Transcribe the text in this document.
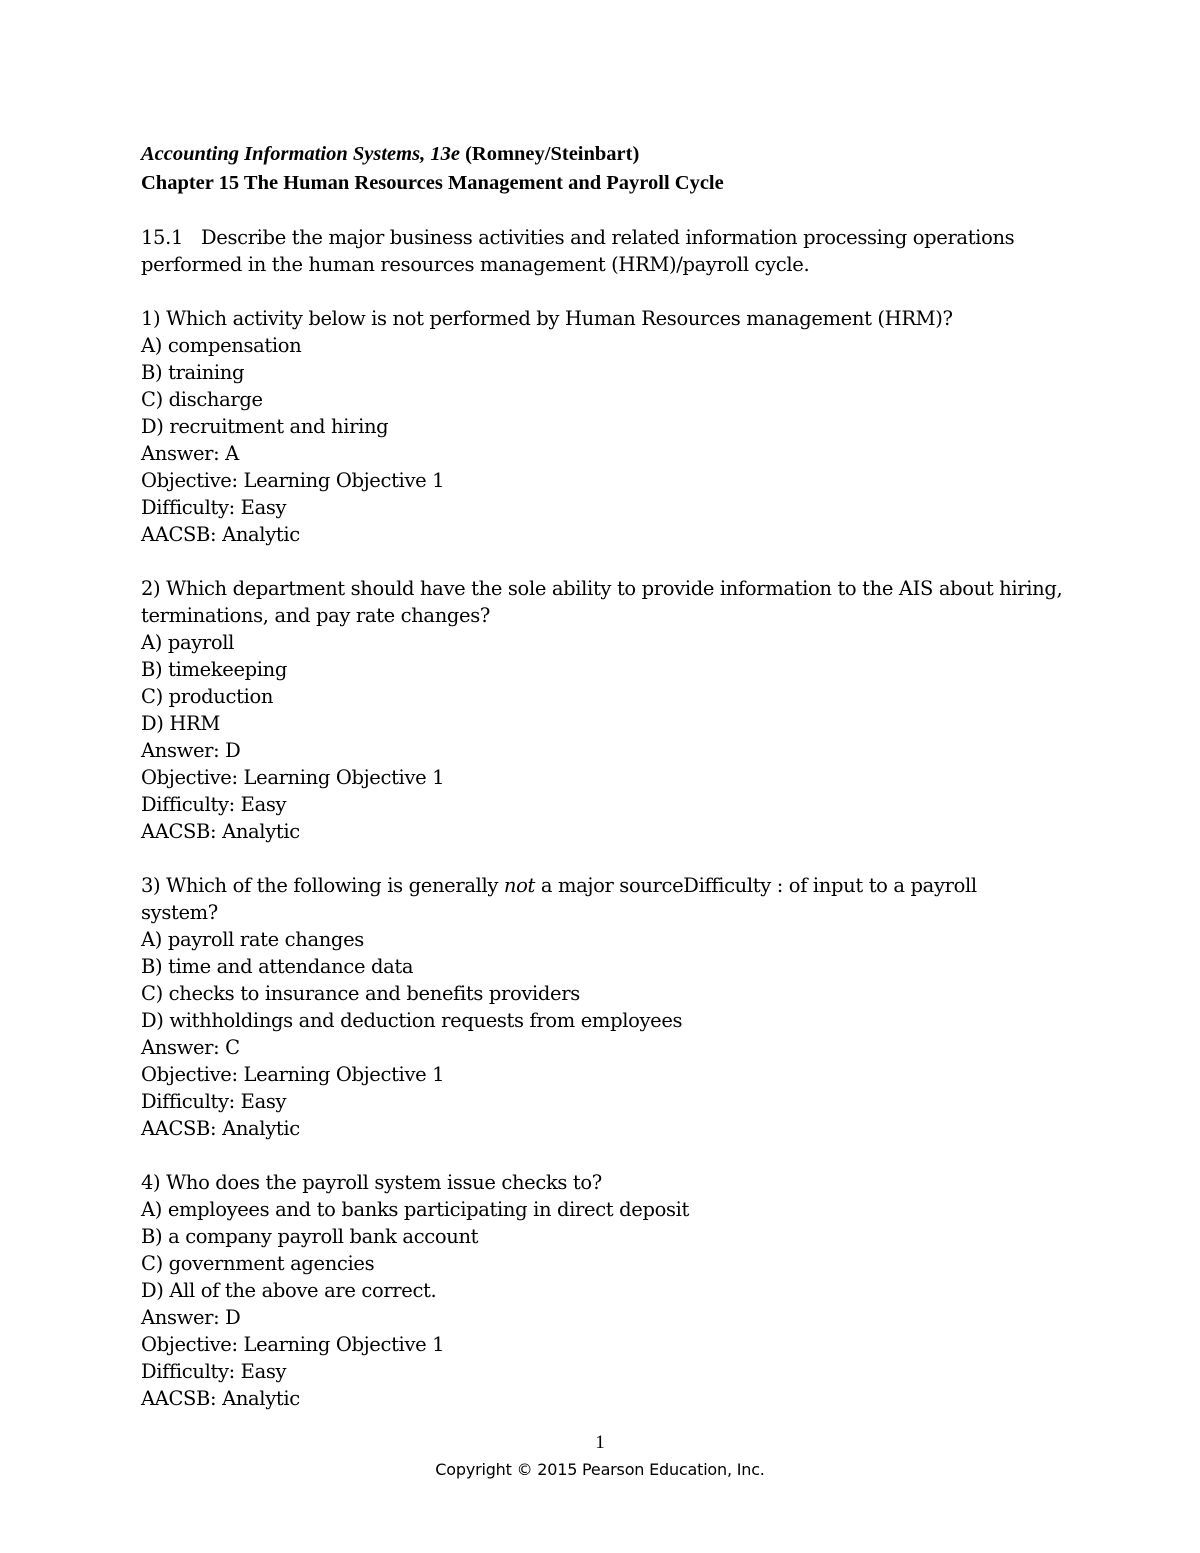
Accounting Information Systems, 13e (Romney/Steinbart)
Chapter 15 The Human Resources Management and Payroll Cycle
15.1 Describe the major business activities and related information processing operations
performed in the human resources management (HRM)/payroll cycle.
1) Which activity below is not performed by Human Resources management (HRM)?
A) compensation
B) training
C) discharge
D) recruitment and hiring
Answer: A
Objective: Learning Objective 1
Difficulty: Easy
AACSB: Analytic
2) Which department should have the sole ability to provide information to the AIS about hiring,
terminations, and pay rate changes?
A) payroll
B) timekeeping
C) production
D) HRM
Answer: D
Objective: Learning Objective 1
Difficulty: Easy
AACSB: Analytic
3) Which of the following is generally not a major sourceDifficulty : of input to a payroll
system?
A) payroll rate changes
B) time and attendance data
C) checks to insurance and benefits providers
D) withholdings and deduction requests from employees
Answer: C
Objective: Learning Objective 1
Difficulty: Easy
AACSB: Analytic
4) Who does the payroll system issue checks to?
A) employees and to banks participating in direct deposit
B) a company payroll bank account
C) government agencies
D) All of the above are correct.
Answer: D
Objective: Learning Objective 1
Difficulty: Easy
AACSB: Analytic
1
Copyright © 2015 Pearson Education, Inc.
